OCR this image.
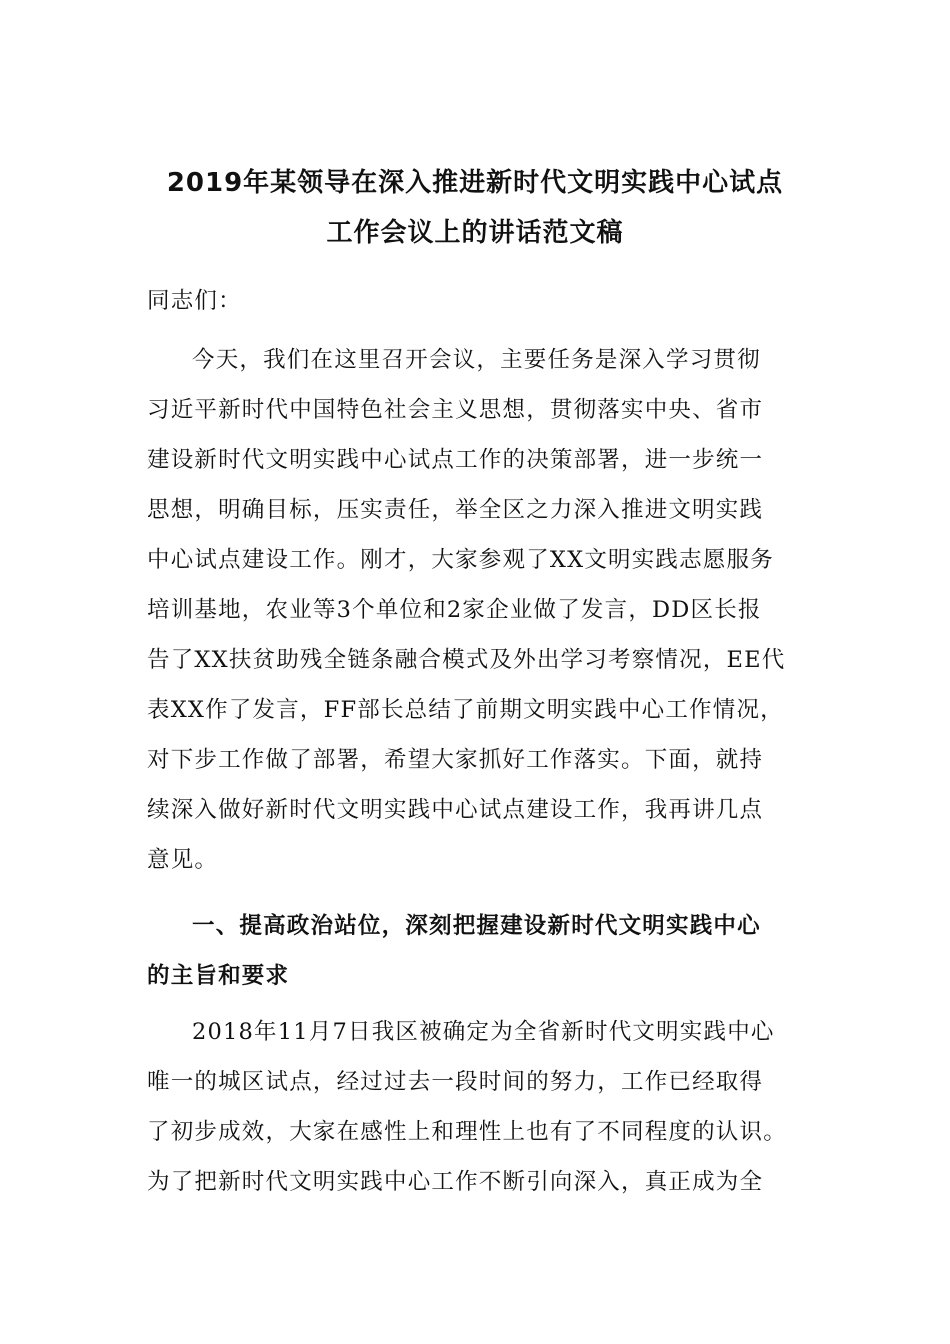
2019年某领导在深入推进新时代文明实践中心试点
工作会议上的讲话范文稿
同志们：
今天，我们在这里召开会议，主要任务是深入学习贯彻
习近平新时代中国特色社会主义思想，贯彻落实中央、省市
建设新时代文明实践中心试点工作的决策部署，进一步统一
思想，明确目标，压实责任，举全区之力深入推进文明实践
中心试点建设工作。刚才，大家参观了XX文明实践志愿服务
培训基地，农业等3个单位和2家企业做了发言，DD区长报
告了XX扶贫助残全链条融合模式及外出学习考察情况，EE代
表XX作了发言，FF部长总结了前期文明实践中心工作情况，
对下步工作做了部署，希望大家抓好工作落实。下面，就持
续深入做好新时代文明实践中心试点建设工作，我再讲几点
意见。
一、提高政治站位，深刻把握建设新时代文明实践中心
的主旨和要求
2018年11月7日我区被确定为全省新时代文明实践中心
唯一的城区试点，经过过去一段时间的努力，工作已经取得
了初步成效，大家在感性上和理性上也有了不同程度的认识。
为了把新时代文明实践中心工作不断引向深入，真正成为全
